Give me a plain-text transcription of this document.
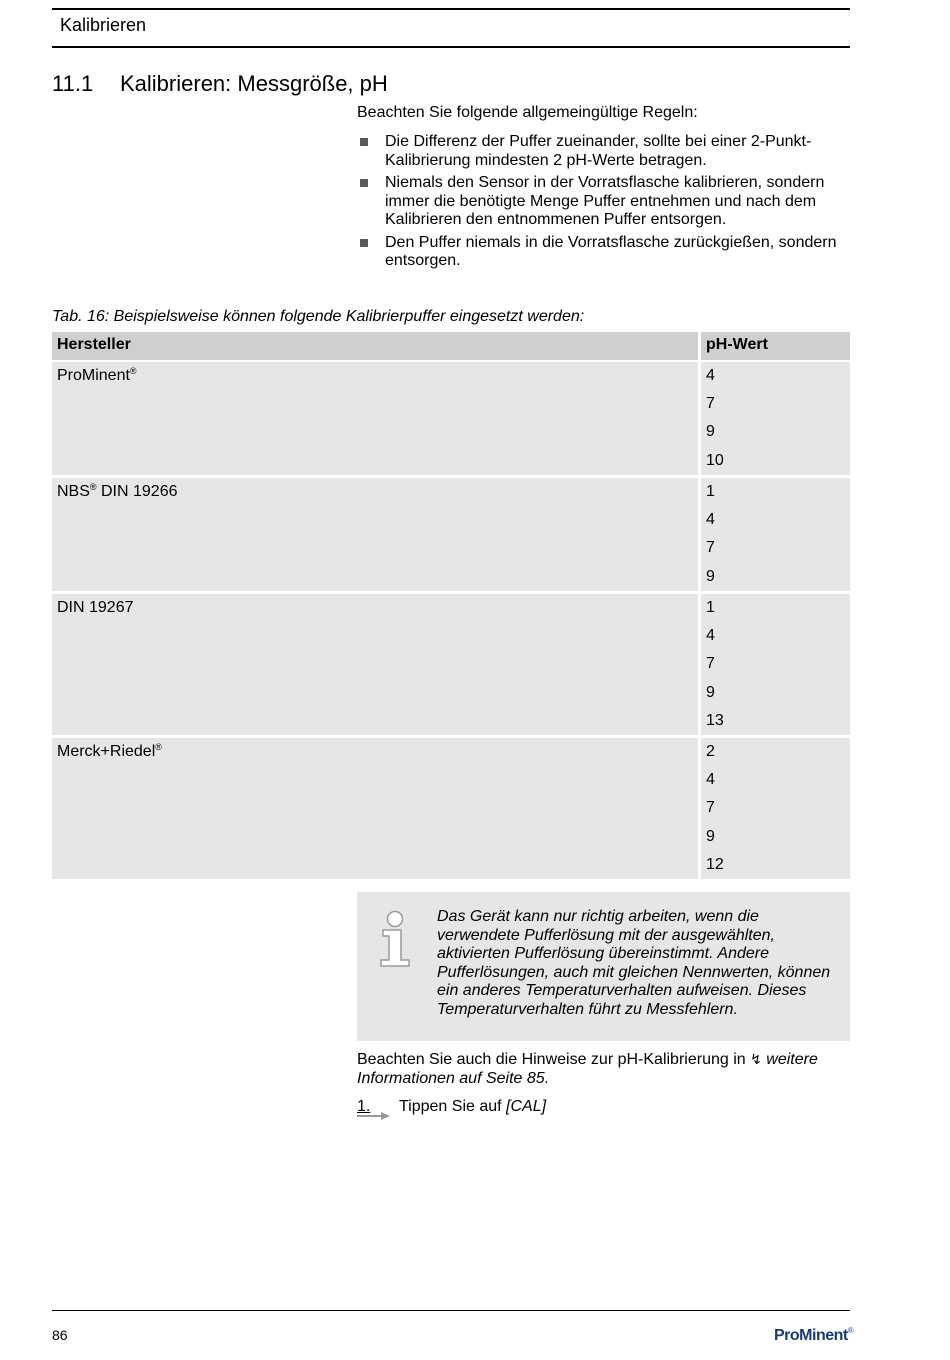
Kalibrieren
11.1 Kalibrieren: Messgröße, pH
Beachten Sie folgende allgemeingültige Regeln:
Die Differenz der Puffer zueinander, sollte bei einer 2-Punkt-Kalibrierung mindesten 2 pH-Werte betragen.
Niemals den Sensor in der Vorratsflasche kalibrieren, sondern immer die benötigte Menge Puffer entnehmen und nach dem Kalibrieren den entnommenen Puffer entsorgen.
Den Puffer niemals in die Vorratsflasche zurückgießen, sondern entsorgen.
Tab. 16: Beispielsweise können folgende Kalibrierpuffer eingesetzt werden:
Hersteller	pH-Wert
ProMinent®	4
7
9
10
NBS® DIN 19266	1
4
7
9
DIN 19267	1
4
7
9
13
Merck+Riedel®	2
4
7
9
12

Das Gerät kann nur richtig arbeiten, wenn die verwendete Pufferlösung mit der ausgewählten, aktivierten Pufferlösung übereinstimmt. Andere Pufferlösungen, auch mit gleichen Nennwerten, können ein anderes Temperaturverhalten aufweisen. Dieses Temperaturverhalten führt zu Messfehlern.

Beachten Sie auch die Hinweise zur pH-Kalibrierung in ↯ weitere Informationen auf Seite 85.

1. Tippen Sie auf [CAL]
86	ProMinent®
